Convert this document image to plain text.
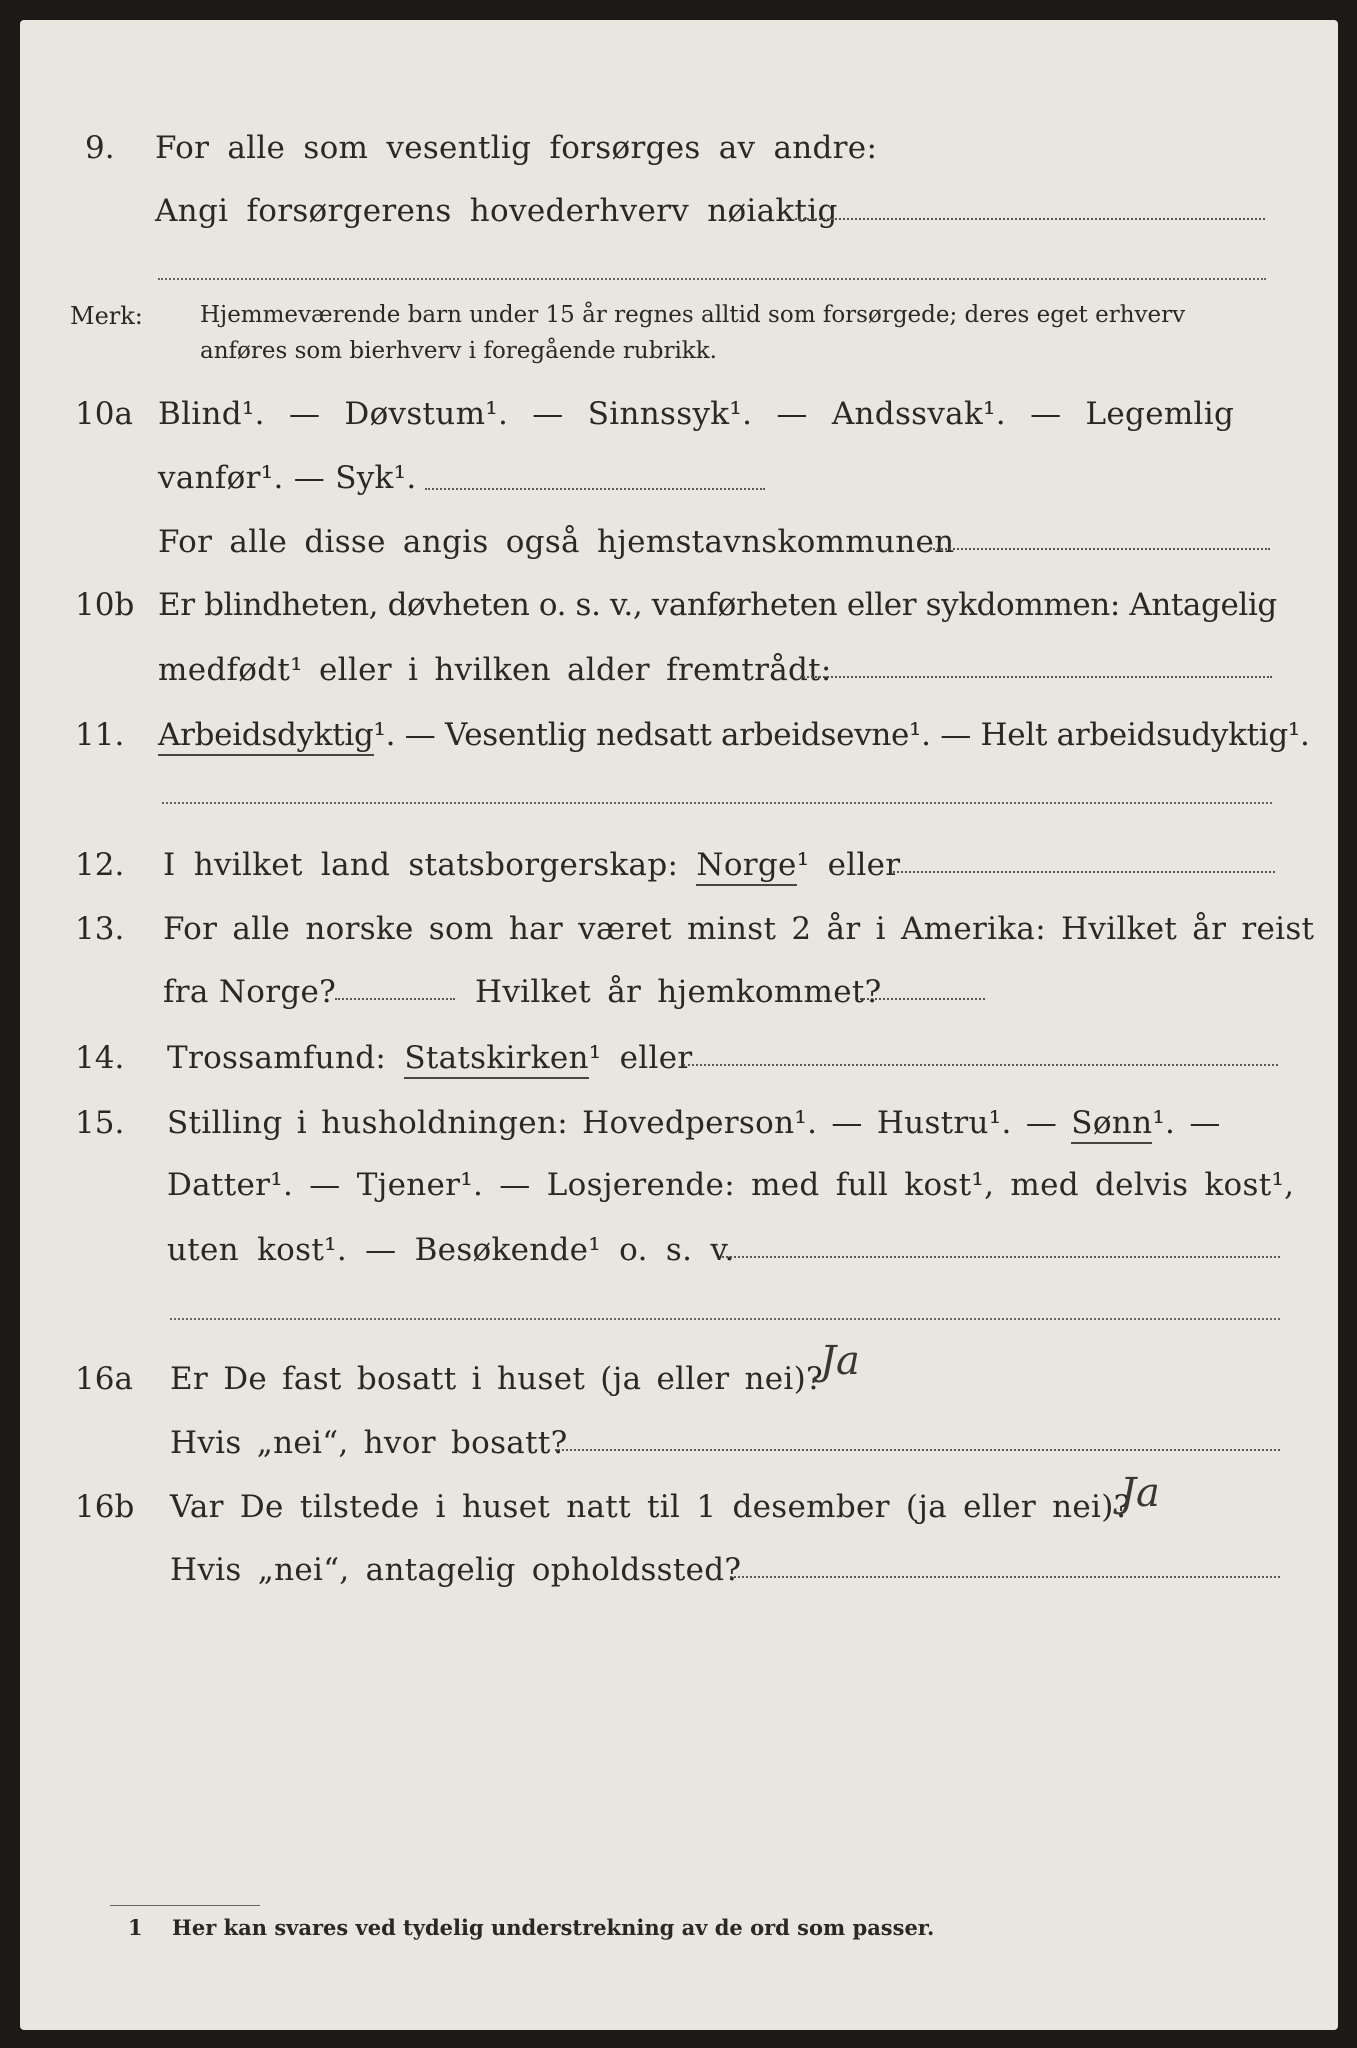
9. For alle som vesentlig forsørges av andre:
Angi forsørgerens hovederhverv nøiaktig
Merk: Hjemmeværende barn under 15 år regnes alltid som forsørgede; deres eget erhverv
anføres som bierhverv i foregående rubrikk.
10a Blind¹. — Døvstum¹. — Sinnssyk¹. — Andssvak¹. — Legemlig
vanfør¹. — Syk¹.
For alle disse angis også hjemstavnskommunen
10b Er blindheten, døvheten o. s. v., vanførheten eller sykdommen: Antagelig
medfødt¹ eller i hvilken alder fremtrådt:
11. Arbeidsdyktig¹. — Vesentlig nedsatt arbeidsevne¹. — Helt arbeidsudyktig¹.
12. I hvilket land statsborgerskap: Norge¹ eller
13. For alle norske som har været minst 2 år i Amerika: Hvilket år reist
fra Norge?	Hvilket år hjemkommet?
14. Trossamfund: Statskirken¹ eller
15. Stilling i husholdningen: Hovedperson¹. — Hustru¹. — Sønn¹. —
Datter¹. — Tjener¹. — Losjerende: med full kost¹, med delvis kost¹,
uten kost¹. — Besøkende¹ o. s. v.
16a Er De fast bosatt i huset (ja eller nei)?
Ja
Hvis „nei“, hvor bosatt?
16b Var De tilstede i huset natt til 1 desember (ja eller nei)?
Ja
Hvis „nei“, antagelig opholdssted?
1 Her kan svares ved tydelig understrekning av de ord som passer.
